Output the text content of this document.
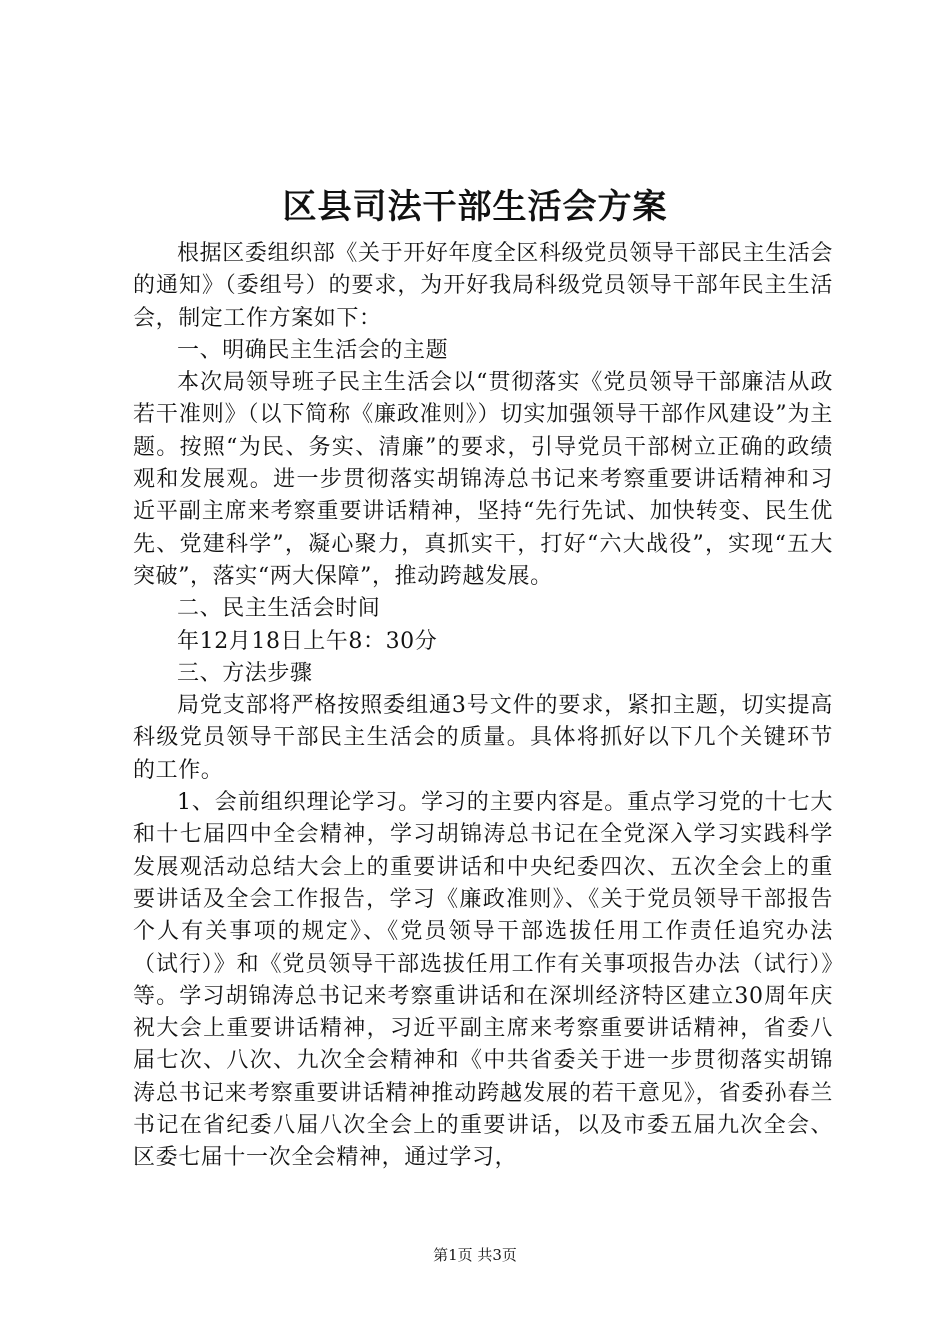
区县司法干部生活会方案

根据区委组织部《关于开好年度全区科级党员领导干部民主生活会的通知》（委组号）的要求，为开好我局科级党员领导干部年民主生活会，制定工作方案如下：

一、明确民主生活会的主题

本次局领导班子民主生活会以“贯彻落实《党员领导干部廉洁从政若干准则》（以下简称《廉政准则》）切实加强领导干部作风建设”为主题。按照“为民、务实、清廉”的要求，引导党员干部树立正确的政绩观和发展观。进一步贯彻落实胡锦涛总书记来考察重要讲话精神和习近平副主席来考察重要讲话精神，坚持“先行先试、加快转变、民生优先、党建科学”，凝心聚力，真抓实干，打好“六大战役”，实现“五大突破”，落实“两大保障”，推动跨越发展。

二、民主生活会时间

年12月18日上午8：30分

三、方法步骤

局党支部将严格按照委组通3号文件的要求，紧扣主题，切实提高科级党员领导干部民主生活会的质量。具体将抓好以下几个关键环节的工作。

1、会前组织理论学习。学习的主要内容是。重点学习党的十七大和十七届四中全会精神，学习胡锦涛总书记在全党深入学习实践科学发展观活动总结大会上的重要讲话和中央纪委四次、五次全会上的重要讲话及全会工作报告，学习《廉政准则》、《关于党员领导干部报告个人有关事项的规定》、《党员领导干部选拔任用工作责任追究办法（试行）》和《党员领导干部选拔任用工作有关事项报告办法（试行）》等。学习胡锦涛总书记来考察重讲话和在深圳经济特区建立30周年庆祝大会上重要讲话精神，习近平副主席来考察重要讲话精神，省委八届七次、八次、九次全会精神和《中共省委关于进一步贯彻落实胡锦涛总书记来考察重要讲话精神推动跨越发展的若干意见》，省委孙春兰书记在省纪委八届八次全会上的重要讲话，以及市委五届九次全会、区委七届十一次全会精神，通过学习，

第1页 共3页
